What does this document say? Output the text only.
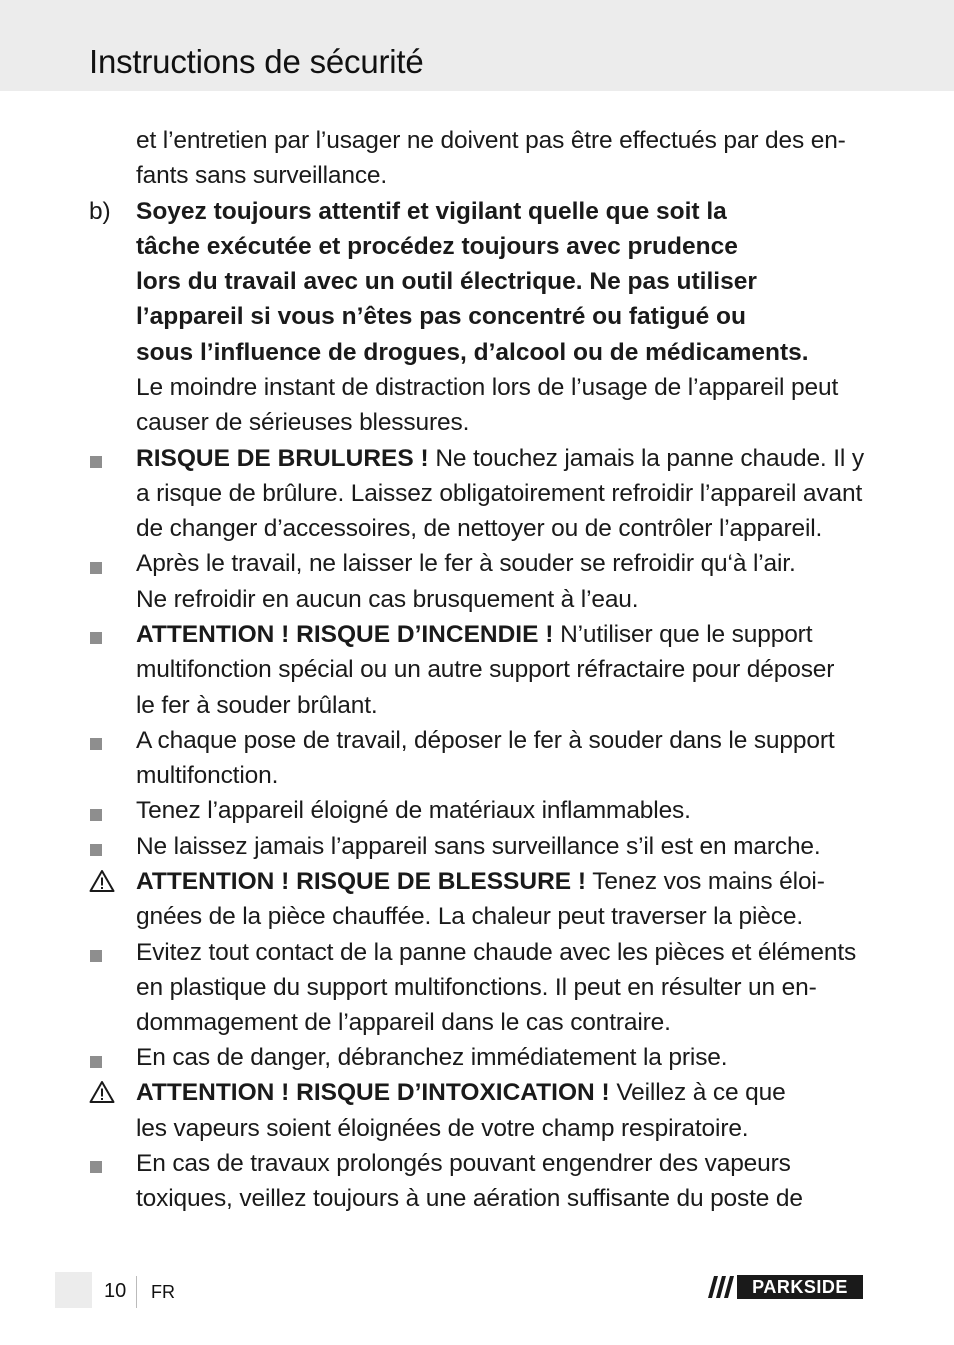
Instructions de sécurité
et l’entretien par l’usager ne doivent pas être effectués par des en-
fants sans surveillance.
b) Soyez toujours attentif et vigilant quelle que soit la
tâche exécutée et procédez toujours avec prudence
lors du travail avec un outil électrique. Ne pas utiliser
l’appareil si vous n’êtes pas concentré ou fatigué ou
sous l’influence de drogues, d’alcool ou de médicaments.
Le moindre instant de distraction lors de l’usage de l’appareil peut
causer de sérieuses blessures.
RISQUE DE BRULURES ! Ne touchez jamais la panne chaude. Il y
a risque de brûlure. Laissez obligatoirement refroidir l’appareil avant
de changer d’accessoires, de nettoyer ou de contrôler l’appareil.
Après le travail, ne laisser le fer à souder se refroidir qu‘à l’air.
Ne refroidir en aucun cas brusquement à l’eau.
ATTENTION ! RISQUE D’INCENDIE ! N’utiliser que le support
multifonction spécial ou un autre support réfractaire pour déposer
le fer à souder brûlant.
A chaque pose de travail, déposer le fer à souder dans le support
multifonction.
Tenez l’appareil éloigné de matériaux inflammables.
Ne laissez jamais l’appareil sans surveillance s’il est en marche.
ATTENTION ! RISQUE DE BLESSURE ! Tenez vos mains éloi-
gnées de la pièce chauffée. La chaleur peut traverser la pièce.
Evitez tout contact de la panne chaude avec les pièces et éléments
en plastique du support multifonctions. Il peut en résulter un en-
dommagement de l’appareil dans le cas contraire.
En cas de danger, débranchez immédiatement la prise.
ATTENTION ! RISQUE D’INTOXICATION ! Veillez à ce que
les vapeurs soient éloignées de votre champ respiratoire.
En cas de travaux prolongés pouvant engendrer des vapeurs
toxiques, veillez toujours à une aération suffisante du poste de
10 FR	PARKSIDE
